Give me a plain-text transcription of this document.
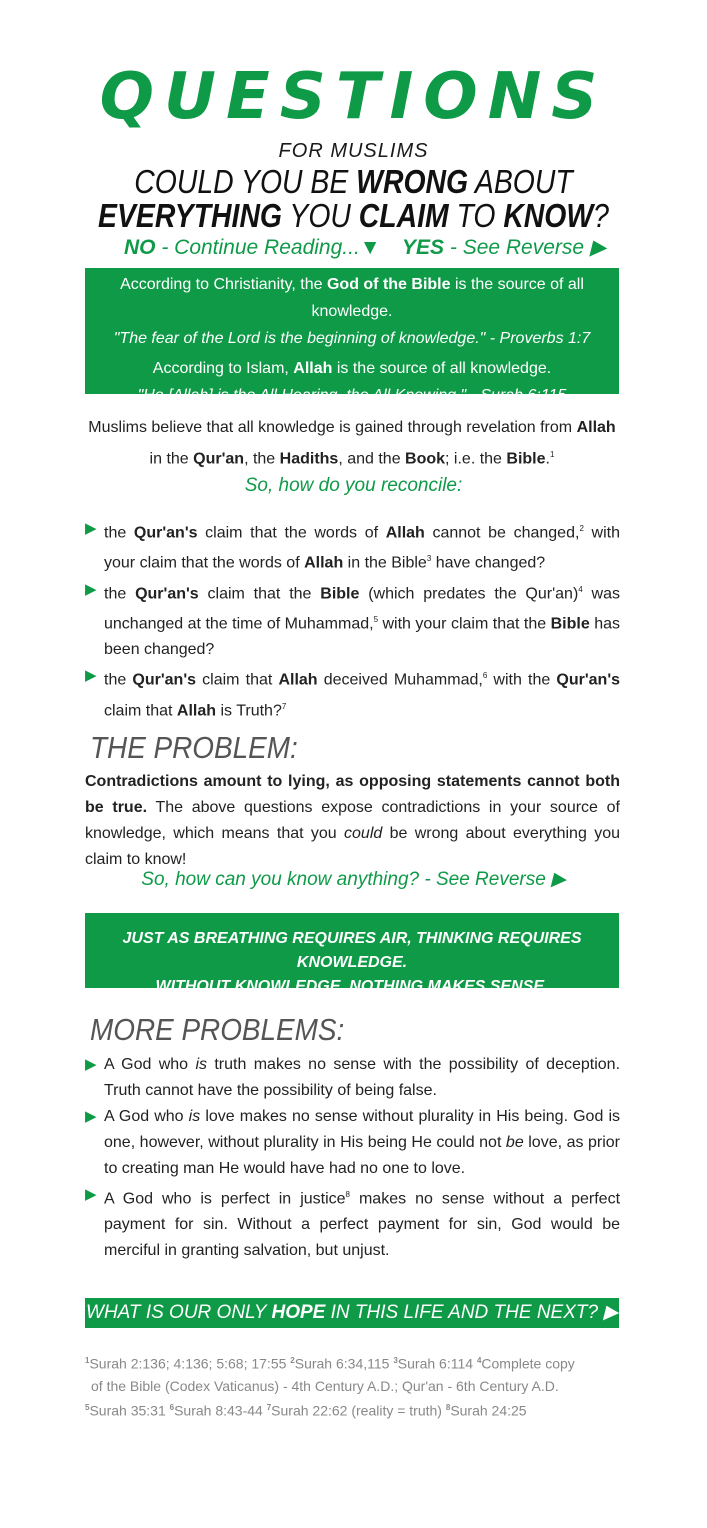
QUESTIONS
FOR MUSLIMS
COULD YOU BE WRONG ABOUT
EVERYTHING YOU CLAIM TO KNOW?
NO - Continue Reading...▼ YES - See Reverse ▶
According to Christianity, the God of the Bible is the source of all knowledge.
"The fear of the Lord is the beginning of knowledge." - Proverbs 1:7
According to Islam, Allah is the source of all knowledge.
"He [Allah] is the All Hearing, the All Knowing." - Surah 6:115
Muslims believe that all knowledge is gained through revelation from Allah
in the Qur'an, the Hadiths, and the Book; i.e. the Bible.$^1$
So, how do you reconcile:
▶ the Qur'an's claim that the words of Allah cannot be changed,$^2$ with your claim that the words of Allah in the Bible$^3$ have changed?
▶ the Qur'an's claim that the Bible (which predates the Qur'an)$^4$ was unchanged at the time of Muhammad,$^5$ with your claim that the Bible has been changed?
▶ the Qur'an's claim that Allah deceived Muhammad,$^6$ with the Qur'an's claim that Allah is Truth?$^7$
THE PROBLEM:
Contradictions amount to lying, as opposing statements cannot both be true. The above questions expose contradictions in your source of knowledge, which means that you could be wrong about everything you claim to know!
So, how can you know anything? - See Reverse ▶
JUST AS BREATHING REQUIRES AIR, THINKING REQUIRES KNOWLEDGE.
WITHOUT KNOWLEDGE, NOTHING MAKES SENSE.
MORE PROBLEMS:
▶ A God who is truth makes no sense with the possibility of deception. Truth cannot have the possibility of being false.
▶ A God who is love makes no sense without plurality in His being. God is one, however, without plurality in His being He could not be love, as prior to creating man He would have had no one to love.
▶ A God who is perfect in justice$^8$ makes no sense without a perfect payment for sin. Without a perfect payment for sin, God would be merciful in granting salvation, but unjust.
WHAT IS OUR ONLY HOPE IN THIS LIFE AND THE NEXT? ▶
$^1$Surah 2:136; 4:136; 5:68; 17:55 $^2$Surah 6:34,115 $^3$Surah 6:114 $^4$Complete copy
of the Bible (Codex Vaticanus) - 4th Century A.D.; Qur'an - 6th Century A.D.
$^5$Surah 35:31 $^6$Surah 8:43-44 $^7$Surah 22:62 (reality = truth) $^8$Surah 24:25
